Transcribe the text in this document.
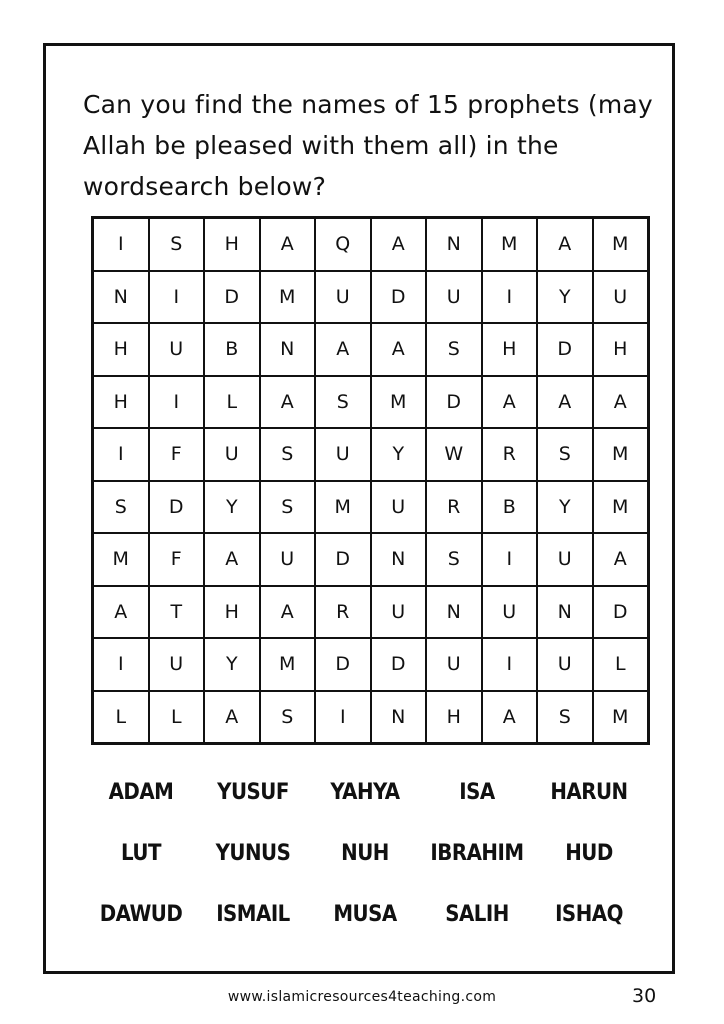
Can you find the names of 15 prophets (may Allah be pleased with them all) in the wordsearch below?

I	S	H	A	Q	A	N	M	A	M
N	I	D	M	U	D	U	I	Y	U
H	U	B	N	A	A	S	H	D	H
H	I	L	A	S	M	D	A	A	A
I	F	U	S	U	Y	W	R	S	M
S	D	Y	S	M	U	R	B	Y	M
M	F	A	U	D	N	S	I	U	A
A	T	H	A	R	U	N	U	N	D
I	U	Y	M	D	D	U	I	U	L
L	L	A	S	I	N	H	A	S	M
ADAM	YUSUF	YAHYA	ISA	HARUN
LUT	YUNUS	NUH	IBRAHIM	HUD
DAWUD	ISMAIL	MUSA	SALIH	ISHAQ
www.islamicresources4teaching.com	30
